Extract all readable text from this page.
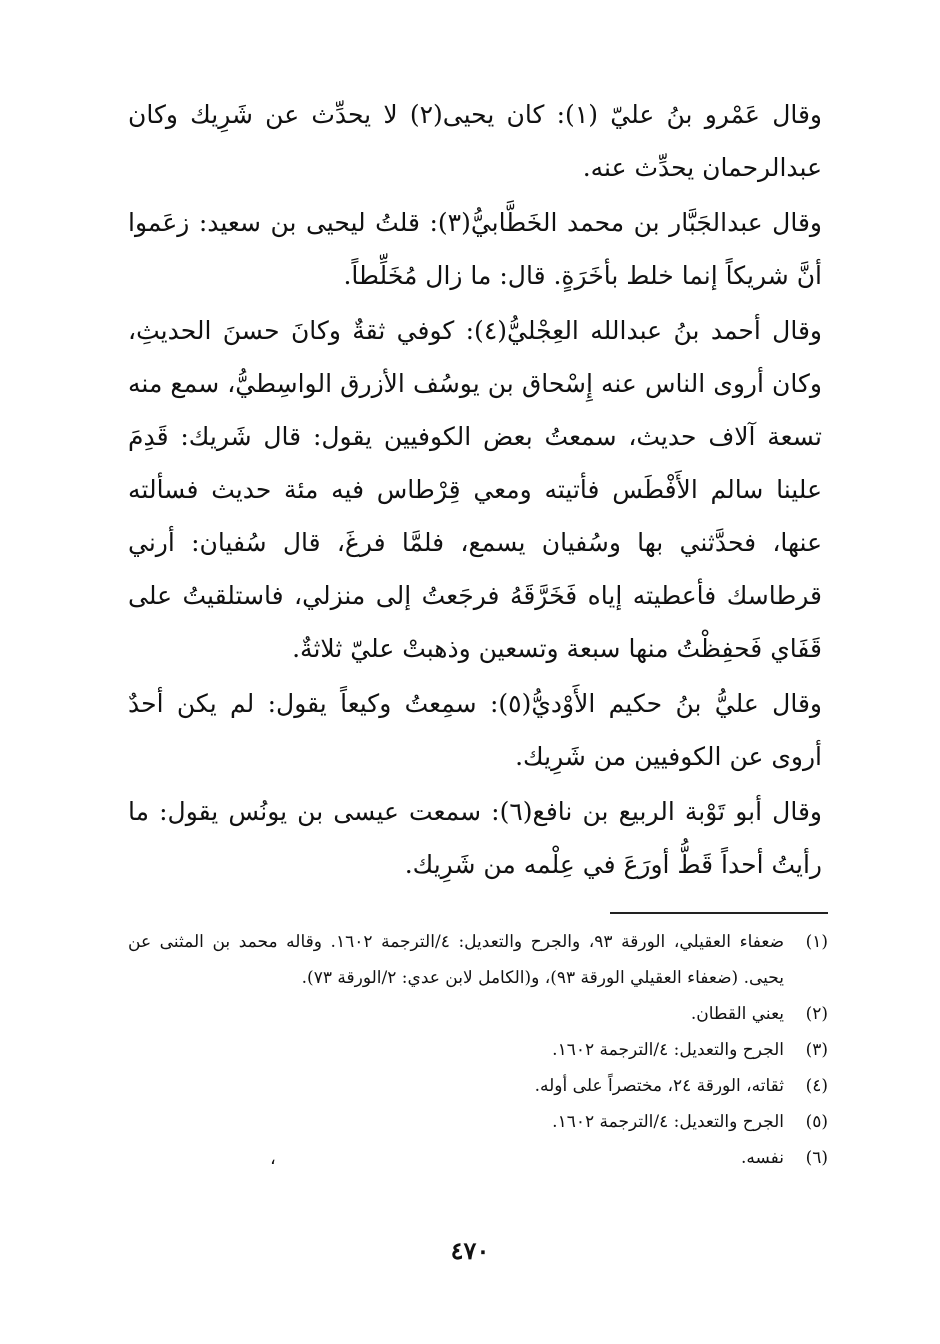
وقال عَمْرو بنُ عليّ (١): كان يحيى(٢) لا يحدِّث عن شَرِيك وكان عبدالرحمان يحدِّث عنه.

وقال عبدالجَبَّار بن محمد الخَطَّابيُّ(٣): قلتُ ليحيى بن سعيد: زعَموا أنَّ شريكاً إنما خلط بأخَرَةٍ. قال: ما زال مُخَلِّطاً.

وقال أحمد بنُ عبدالله العِجْليُّ(٤): كوفي ثقةٌ وكانَ حسنَ الحديثِ، وكان أروى الناس عنه إِسْحاق بن يوسُف الأزرق الواسِطيُّ، سمع منه تسعة آلاف حديث، سمعتُ بعض الكوفيين يقول: قال شَريك: قَدِمَ علينا سالم الأَفْطَس فأتيته ومعي قِرْطاس فيه مئة حديث فسألته عنها، فحدَّثني بها وسُفيان يسمع، فلمَّا فرغَ، قال سُفيان: أرني قرطاسك فأعطيته إياه فَخَرَّقَهُ فرجَعتُ إلى منزلي، فاستلقيتُ على قَفَاي فَحفِظْتُ منها سبعة وتسعين وذهبتْ عليّ ثلاثةٌ.

وقال عليُّ بنُ حكيم الأَوْديُّ(٥): سمِعتُ وكيعاً يقول: لم يكن أحدٌ أروى عن الكوفيين من شَرِيك.

وقال أبو تَوْبة الربيع بن نافع(٦): سمعت عيسى بن يونُس يقول: ما رأيتُ أحداً قَطُّ أورَعَ في عِلْمه من شَرِيك.

(١)
ضعفاء العقيلي، الورقة ٩٣، والجرح والتعديل: ٤/الترجمة ١٦٠٢. وقاله محمد بن المثنى عن يحيى. (ضعفاء العقيلي الورقة ٩٣)، و(الكامل لابن عدي: ٢/الورقة ٧٣).
(٢)
يعني القطان.
(٣)
الجرح والتعديل: ٤/الترجمة ١٦٠٢.
(٤)
ثقاته، الورقة ٢٤، مختصراً على أوله.
(٥)
الجرح والتعديل: ٤/الترجمة ١٦٠٢.
(٦)
نفسه.
،
٤٧٠
